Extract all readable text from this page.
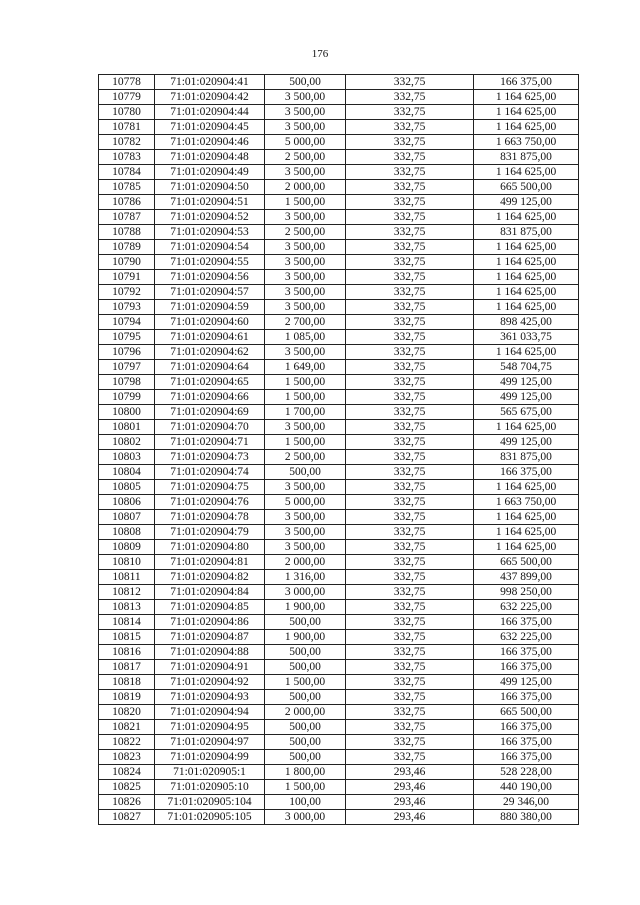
176
10778	71:01:020904:41	500,00	332,75	166 375,00
10779	71:01:020904:42	3 500,00	332,75	1 164 625,00
10780	71:01:020904:44	3 500,00	332,75	1 164 625,00
10781	71:01:020904:45	3 500,00	332,75	1 164 625,00
10782	71:01:020904:46	5 000,00	332,75	1 663 750,00
10783	71:01:020904:48	2 500,00	332,75	831 875,00
10784	71:01:020904:49	3 500,00	332,75	1 164 625,00
10785	71:01:020904:50	2 000,00	332,75	665 500,00
10786	71:01:020904:51	1 500,00	332,75	499 125,00
10787	71:01:020904:52	3 500,00	332,75	1 164 625,00
10788	71:01:020904:53	2 500,00	332,75	831 875,00
10789	71:01:020904:54	3 500,00	332,75	1 164 625,00
10790	71:01:020904:55	3 500,00	332,75	1 164 625,00
10791	71:01:020904:56	3 500,00	332,75	1 164 625,00
10792	71:01:020904:57	3 500,00	332,75	1 164 625,00
10793	71:01:020904:59	3 500,00	332,75	1 164 625,00
10794	71:01:020904:60	2 700,00	332,75	898 425,00
10795	71:01:020904:61	1 085,00	332,75	361 033,75
10796	71:01:020904:62	3 500,00	332,75	1 164 625,00
10797	71:01:020904:64	1 649,00	332,75	548 704,75
10798	71:01:020904:65	1 500,00	332,75	499 125,00
10799	71:01:020904:66	1 500,00	332,75	499 125,00
10800	71:01:020904:69	1 700,00	332,75	565 675,00
10801	71:01:020904:70	3 500,00	332,75	1 164 625,00
10802	71:01:020904:71	1 500,00	332,75	499 125,00
10803	71:01:020904:73	2 500,00	332,75	831 875,00
10804	71:01:020904:74	500,00	332,75	166 375,00
10805	71:01:020904:75	3 500,00	332,75	1 164 625,00
10806	71:01:020904:76	5 000,00	332,75	1 663 750,00
10807	71:01:020904:78	3 500,00	332,75	1 164 625,00
10808	71:01:020904:79	3 500,00	332,75	1 164 625,00
10809	71:01:020904:80	3 500,00	332,75	1 164 625,00
10810	71:01:020904:81	2 000,00	332,75	665 500,00
10811	71:01:020904:82	1 316,00	332,75	437 899,00
10812	71:01:020904:84	3 000,00	332,75	998 250,00
10813	71:01:020904:85	1 900,00	332,75	632 225,00
10814	71:01:020904:86	500,00	332,75	166 375,00
10815	71:01:020904:87	1 900,00	332,75	632 225,00
10816	71:01:020904:88	500,00	332,75	166 375,00
10817	71:01:020904:91	500,00	332,75	166 375,00
10818	71:01:020904:92	1 500,00	332,75	499 125,00
10819	71:01:020904:93	500,00	332,75	166 375,00
10820	71:01:020904:94	2 000,00	332,75	665 500,00
10821	71:01:020904:95	500,00	332,75	166 375,00
10822	71:01:020904:97	500,00	332,75	166 375,00
10823	71:01:020904:99	500,00	332,75	166 375,00
10824	71:01:020905:1	1 800,00	293,46	528 228,00
10825	71:01:020905:10	1 500,00	293,46	440 190,00
10826	71:01:020905:104	100,00	293,46	29 346,00
10827	71:01:020905:105	3 000,00	293,46	880 380,00
